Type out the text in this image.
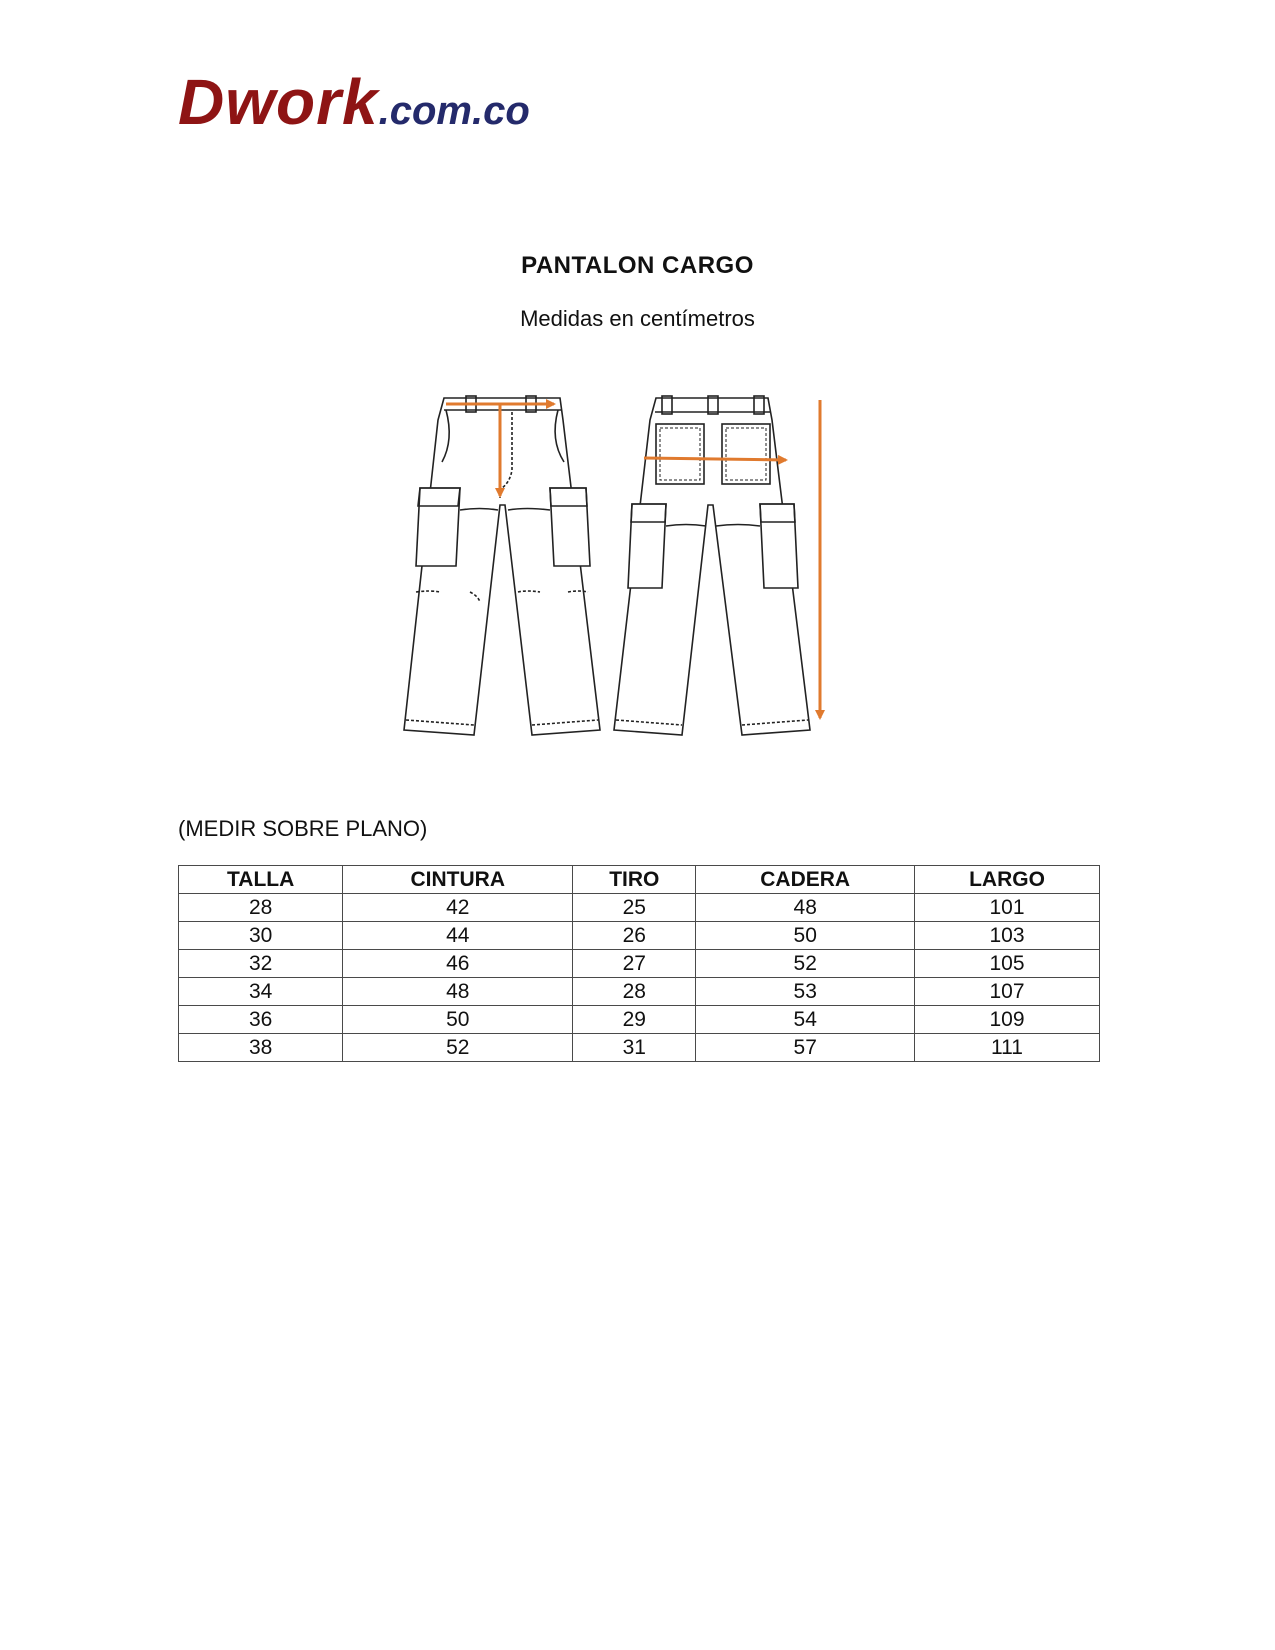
Dwork.com.co
PANTALON CARGO
Medidas en centímetros
(MEDIR SOBRE PLANO)
TALLA	CINTURA	TIRO	CADERA	LARGO
28	42	25	48	101
30	44	26	50	103
32	46	27	52	105
34	48	28	53	107
36	50	29	54	109
38	52	31	57	111
